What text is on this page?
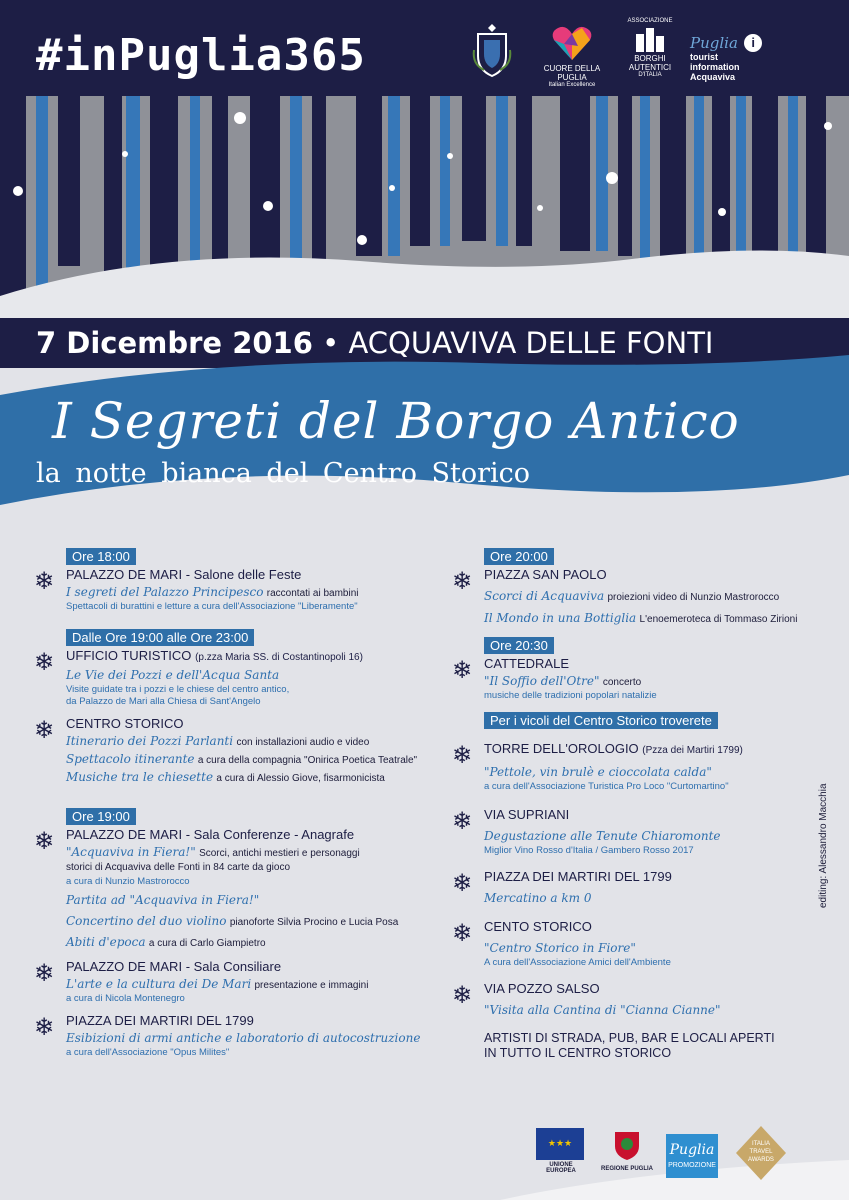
#inPuglia365	CUORE DELLA PUGLIA
Italian Excellence
ASSOCIAZIONE
BORGHI AUTENTICI
D'ITALIA
Puglia i tourist information Acquaviva
7 Dicembre 2016 • ACQUAVIVA DELLE FONTI
I Segreti del Borgo Antico
la notte bianca del Centro Storico
Ore 18:00
❄ PALAZZO DE MARI - Salone delle Feste
I segreti del Palazzo Principesco raccontati ai bambini
Spettacoli di burattini e letture a cura dell'Associazione "Liberamente"
Dalle Ore 19:00 alle Ore 23:00
❄ UFFICIO TURISTICO (p.zza Maria SS. di Costantinopoli 16)
Le Vie dei Pozzi e dell'Acqua Santa
Visite guidate tra i pozzi e le chiese del centro antico,
da Palazzo de Mari alla Chiesa di Sant'Angelo
❄ CENTRO STORICO
Itinerario dei Pozzi Parlanti con installazioni audio e video
Spettacolo itinerante a cura della compagnia "Onirica Poetica Teatrale"
Musiche tra le chiesette a cura di Alessio Giove, fisarmonicista
Ore 19:00
❄ PALAZZO DE MARI - Sala Conferenze - Anagrafe
"Acquaviva in Fiera!" Scorci, antichi mestieri e personaggi
storici di Acquaviva delle Fonti in 84 carte da gioco
a cura di Nunzio Mastrorocco
Partita ad "Acquaviva in Fiera!"
Concertino del duo violino pianoforte Silvia Procino e Lucia Posa
Abiti d'epoca a cura di Carlo Giampietro
❄ PALAZZO DE MARI - Sala Consiliare
L'arte e la cultura dei De Mari presentazione e immagini
a cura di Nicola Montenegro
❄ PIAZZA DEI MARTIRI DEL 1799
Esibizioni di armi antiche e laboratorio di autocostruzione
a cura dell'Associazione "Opus Milites"
Ore 20:00
❄ PIAZZA SAN PAOLO
Scorci di Acquaviva proiezioni video di Nunzio Mastrorocco
Il Mondo in una Bottiglia L'enoemeroteca di Tommaso Zirioni
Ore 20:30
❄ CATTEDRALE
"Il Soffio dell'Otre" concerto
musiche delle tradizioni popolari natalizie
Per i vicoli del Centro Storico troverete
❄ TORRE DELL'OROLOGIO (Pzza dei Martiri 1799)
"Pettole, vin brulè e cioccolata calda"
a cura dell'Associazione Turistica Pro Loco "Curtomartino"
❄ VIA SUPRIANI
Degustazione alle Tenute Chiaromonte
Miglior Vino Rosso d'Italia / Gambero Rosso 2017
❄ PIAZZA DEI MARTIRI DEL 1799
Mercatino a km 0
❄ CENTO STORICO
"Centro Storico in Fiore"
A cura dell'Associazione Amici dell'Ambiente
❄ VIA POZZO SALSO
"Visita alla Cantina di "Cianna Cianne"
ARTISTI DI STRADA, PUB, BAR E LOCALI APERTI
IN TUTTO IL CENTRO STORICO
editing: Alessandro Macchia
★★★
UNIONE EUROPEA	REGIONE PUGLIA
Puglia
PROMOZIONE
ITALIA TRAVEL AWARDS
